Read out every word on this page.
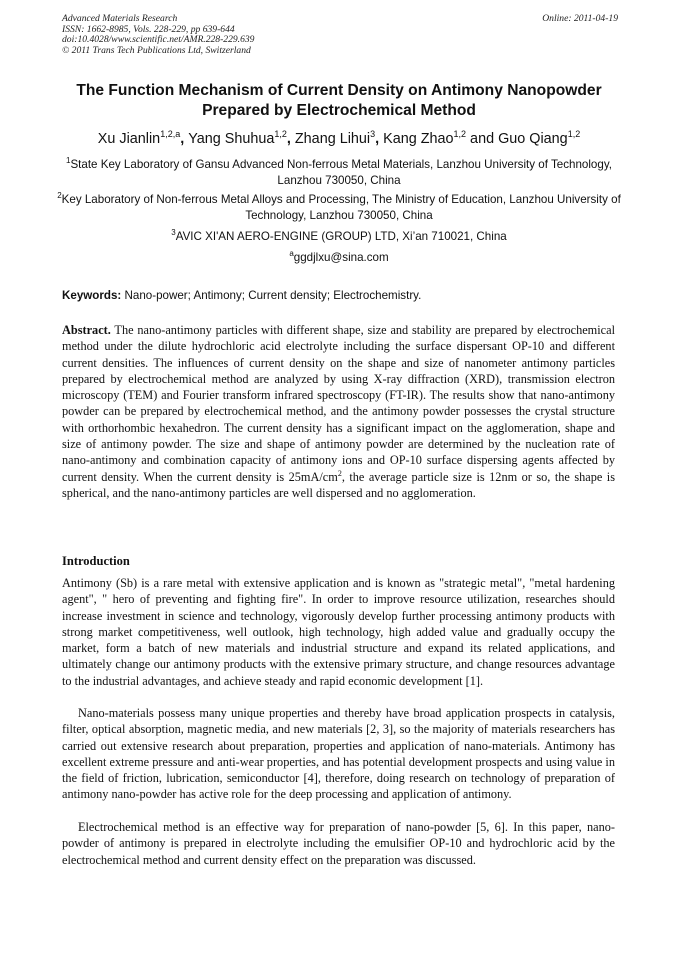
Advanced Materials Research
ISSN: 1662-8985, Vols. 228-229, pp 639-644
doi:10.4028/www.scientific.net/AMR.228-229.639
© 2011 Trans Tech Publications Ltd, Switzerland
Online: 2011-04-19
The Function Mechanism of Current Density on Antimony Nanopowder
Prepared by Electrochemical Method
Xu Jianlin$^{1,2,a}$, Yang Shuhua$^{1,2}$, Zhang Lihui$^3$, Kang Zhao$^{1,2}$ and Guo Qiang$^{1,2}$
$^1$State Key Laboratory of Gansu Advanced Non-ferrous Metal Materials, Lanzhou University of Technology, Lanzhou 730050, China
$^2$Key Laboratory of Non-ferrous Metal Alloys and Processing, The Ministry of Education, Lanzhou University of Technology, Lanzhou 730050, China
$^3$AVIC XI'AN AERO-ENGINE (GROUP) LTD, Xi’an 710021, China
$^a$ggdjlxu@sina.com
Keywords: Nano-power; Antimony; Current density; Electrochemistry.
Abstract. The nano-antimony particles with different shape, size and stability are prepared by electrochemical method under the dilute hydrochloric acid electrolyte including the surface dispersant OP-10 and different current densities. The influences of current density on the shape and size of nanometer antimony particles prepared by electrochemical method are analyzed by using X-ray diffraction (XRD), transmission electron microscopy (TEM) and Fourier transform infrared spectroscopy (FT-IR). The results show that nano-antimony powder can be prepared by electrochemical method, and the antimony powder possesses the crystal structure with orthorhombic hexahedron. The current density has a significant impact on the agglomeration, shape and size of antimony powder. The size and shape of antimony powder are determined by the nucleation rate of nano-antimony and combination capacity of antimony ions and OP-10 surface dispersing agents affected by current density. When the current density is $25mA/cm^2$, the average particle size is 12nm or so, the shape is spherical, and the nano-antimony particles are well dispersed and no agglomeration.
Introduction

Antimony (Sb) is a rare metal with extensive application and is known as "strategic metal", "metal hardening agent", " hero of preventing and fighting fire". In order to improve resource utilization, researches should increase investment in science and technology, vigorously develop further processing antimony products with strong market competitiveness, well outlook, high technology, high added value and gradually occupy the market, form a batch of new materials and industrial structure and expand its related applications, and ultimately change our antimony products with the extensive primary structure, and change resources advantage to the industrial advantages, and achieve steady and rapid economic development [1].

Nano-materials possess many unique properties and thereby have broad application prospects in catalysis, filter, optical absorption, magnetic media, and new materials [2, 3], so the majority of materials researchers has carried out extensive research about preparation, properties and application of nano-materials. Antimony has excellent extreme pressure and anti-wear properties, and has potential development prospects and using value in the field of friction, lubrication, semiconductor [4], therefore, doing research on technology of preparation of antimony nano-powder has active role for the deep processing and application of antimony.

Electrochemical method is an effective way for preparation of nano-powder [5, 6]. In this paper, nano-powder of antimony is prepared in electrolyte including the emulsifier OP-10 and hydrochloric acid by the electrochemical method and current density effect on the preparation was discussed.
